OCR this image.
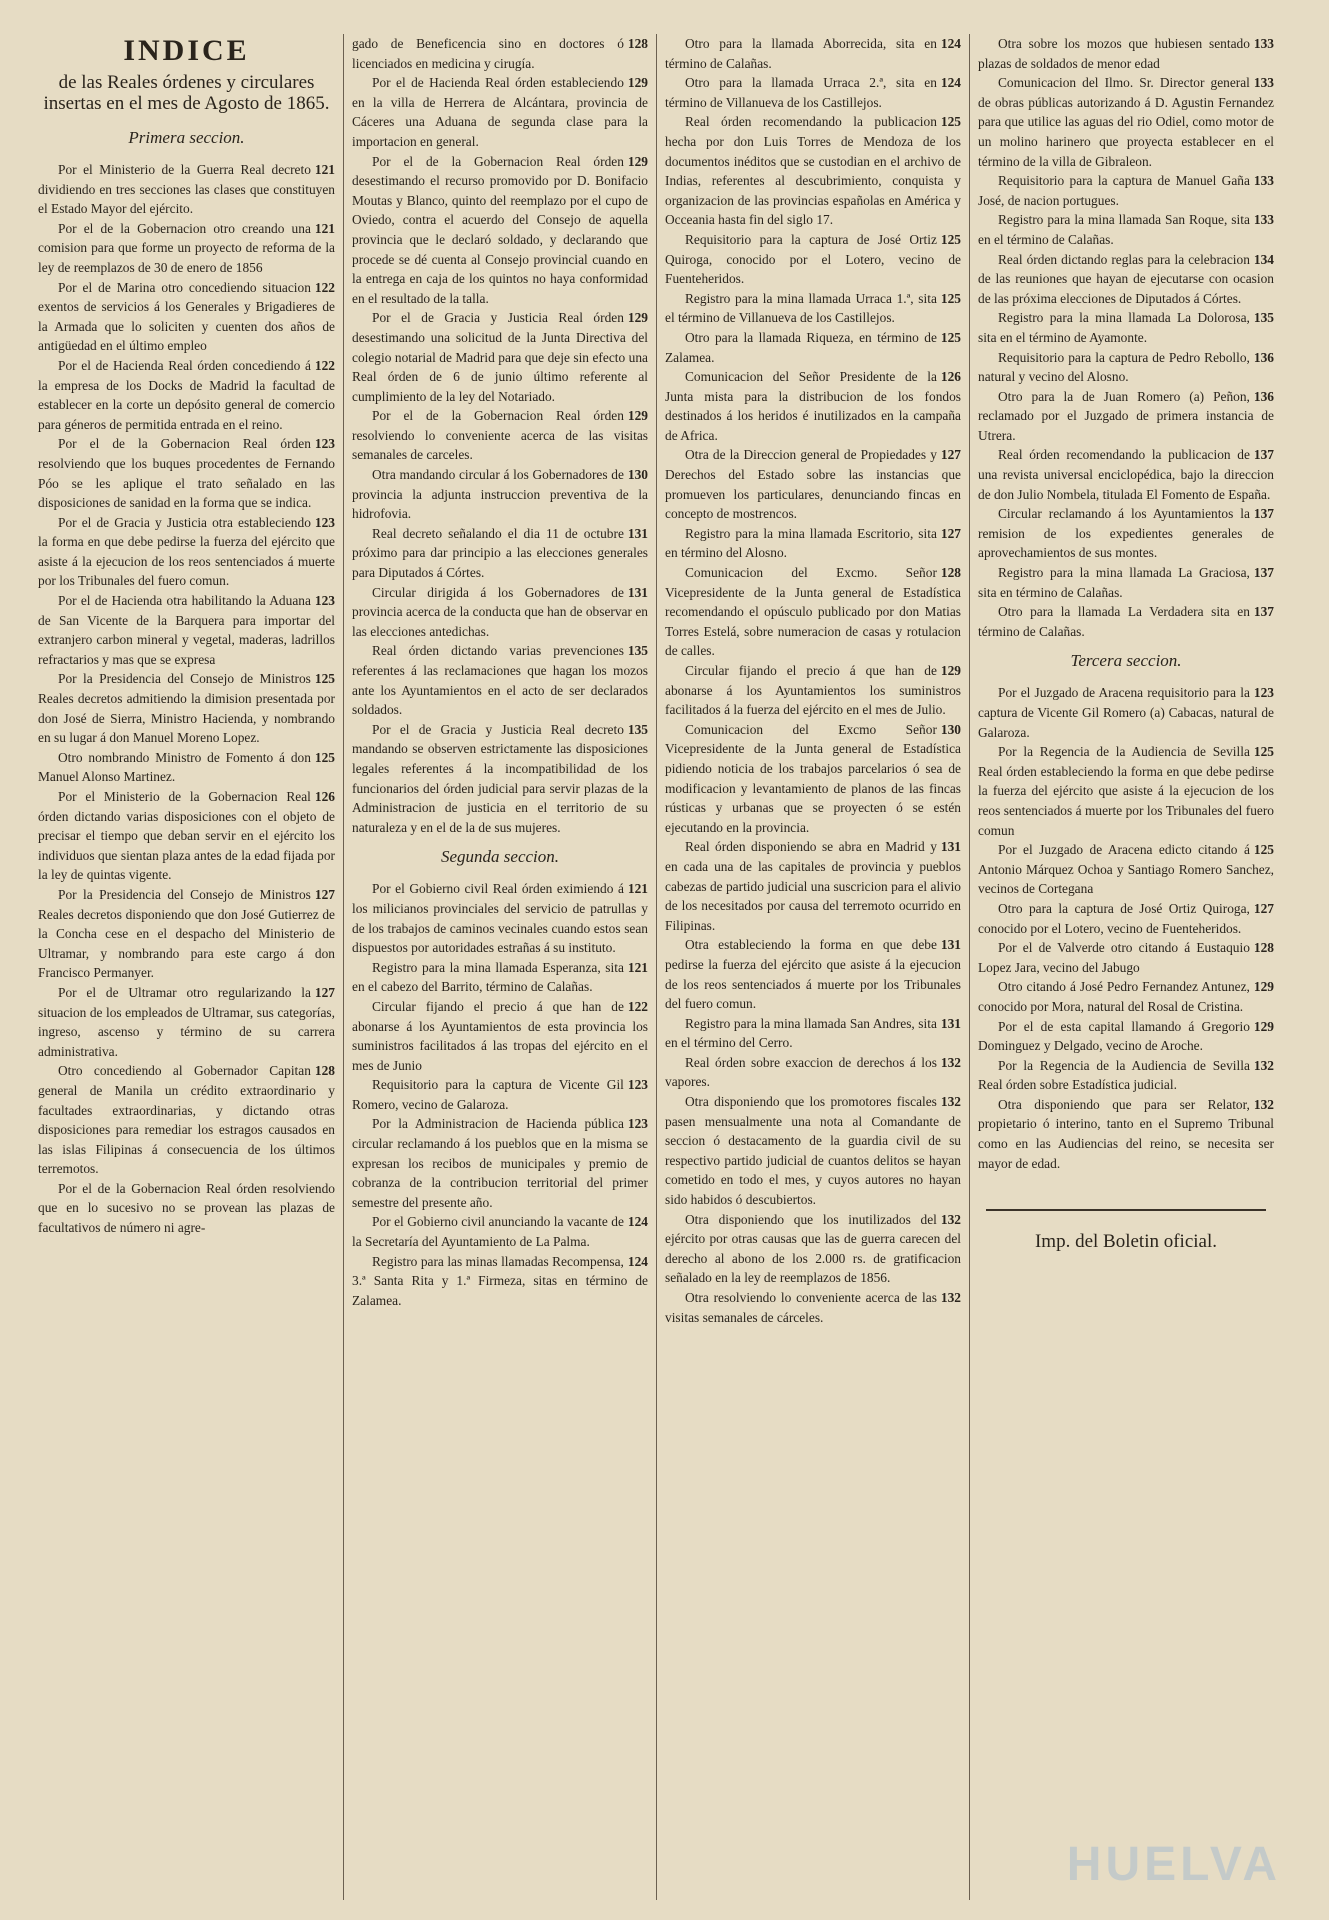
INDICE
de las Reales órdenes y circulares insertas en el mes de Agosto de 1865.
Primera seccion.

121
Por el Ministerio de la Guerra Real decreto dividiendo en tres secciones las clases que constituyen el Estado Mayor del ejército.

121
Por el de la Gobernacion otro creando una comision para que forme un proyecto de reforma de la ley de reemplazos de 30 de enero de 1856

122
Por el de Marina otro concediendo situacion exentos de servicios á los Generales y Brigadieres de la Armada que lo soliciten y cuenten dos años de antigüedad en el último empleo

122
Por el de Hacienda Real órden concediendo á la empresa de los Docks de Madrid la facultad de establecer en la corte un depósito general de comercio para géneros de permitida entrada en el reino.

123
Por el de la Gobernacion Real órden resolviendo que los buques procedentes de Fernando Póo se les aplique el trato señalado en las disposiciones de sanidad en la forma que se indica.

123
Por el de Gracia y Justicia otra estableciendo la forma en que debe pedirse la fuerza del ejército que asiste á la ejecucion de los reos sentenciados á muerte por los Tribunales del fuero comun.

123
Por el de Hacienda otra habilitando la Aduana de San Vicente de la Barquera para importar del extranjero carbon mineral y vegetal, maderas, ladrillos refractarios y mas que se expresa

125
Por la Presidencia del Consejo de Ministros Reales decretos admitiendo la dimision presentada por don José de Sierra, Ministro Hacienda, y nombrando en su lugar á don Manuel Moreno Lopez.

125
Otro nombrando Ministro de Fomento á don Manuel Alonso Martinez.

126
Por el Ministerio de la Gobernacion Real órden dictando varias disposiciones con el objeto de precisar el tiempo que deban servir en el ejército los individuos que sientan plaza antes de la edad fijada por la ley de quintas vigente.

127
Por la Presidencia del Consejo de Ministros Reales decretos disponiendo que don José Gutierrez de la Concha cese en el despacho del Ministerio de Ultramar, y nombrando para este cargo á don Francisco Permanyer.

127
Por el de Ultramar otro regularizando la situacion de los empleados de Ultramar, sus categorías, ingreso, ascenso y término de su carrera administrativa.

128
Otro concediendo al Gobernador Capitan general de Manila un crédito extraordinario y facultades extraordinarias, y dictando otras disposiciones para remediar los estragos causados en las islas Filipinas á consecuencia de los últimos terremotos.

Por el de la Gobernacion Real órden resolviendo que en lo sucesivo no se provean las plazas de facultativos de número ni agre-

128
gado de Beneficencia sino en doctores ó licenciados en medicina y cirugía.

129
Por el de Hacienda Real órden estableciendo en la villa de Herrera de Alcántara, provincia de Cáceres una Aduana de segunda clase para la importacion en general.

129
Por el de la Gobernacion Real órden desestimando el recurso promovido por D. Bonifacio Moutas y Blanco, quinto del reemplazo por el cupo de Oviedo, contra el acuerdo del Consejo de aquella provincia que le declaró soldado, y declarando que procede se dé cuenta al Consejo provincial cuando en la entrega en caja de los quintos no haya conformidad en el resultado de la talla.

129
Por el de Gracia y Justicia Real órden desestimando una solicitud de la Junta Directiva del colegio notarial de Madrid para que deje sin efecto una Real órden de 6 de junio último referente al cumplimiento de la ley del Notariado.

129
Por el de la Gobernacion Real órden resolviendo lo conveniente acerca de las visitas semanales de carceles.

130
Otra mandando circular á los Gobernadores de provincia la adjunta instruccion preventiva de la hidrofovia.

131
Real decreto señalando el dia 11 de octubre próximo para dar principio a las elecciones generales para Diputados á Córtes.

131
Circular dirigida á los Gobernadores de provincia acerca de la conducta que han de observar en las elecciones antedichas.

135
Real órden dictando varias prevenciones referentes á las reclamaciones que hagan los mozos ante los Ayuntamientos en el acto de ser declarados soldados.

135
Por el de Gracia y Justicia Real decreto mandando se observen estrictamente las disposiciones legales referentes á la incompatibilidad de los funcionarios del órden judicial para servir plazas de la Administracion de justicia en el territorio de su naturaleza y en el de la de sus mujeres.

Segunda seccion.

121
Por el Gobierno civil Real órden eximiendo á los milicianos provinciales del servicio de patrullas y de los trabajos de caminos vecinales cuando estos sean dispuestos por autoridades estrañas á su instituto.

121
Registro para la mina llamada Esperanza, sita en el cabezo del Barrito, término de Calañas.

122
Circular fijando el precio á que han de abonarse á los Ayuntamientos de esta provincia los suministros facilitados á las tropas del ejército en el mes de Junio

123
Requisitorio para la captura de Vicente Gil Romero, vecino de Galaroza.

123
Por la Administracion de Hacienda pública circular reclamando á los pueblos que en la misma se expresan los recibos de municipales y premio de cobranza de la contribucion territorial del primer semestre del presente año.

124
Por el Gobierno civil anunciando la vacante de la Secretaría del Ayuntamiento de La Palma.

124
Registro para las minas llamadas Recompensa, 3.ª Santa Rita y 1.ª Firmeza, sitas en término de Zalamea.

124
Otro para la llamada Aborrecida, sita en término de Calañas.

124
Otro para la llamada Urraca 2.ª, sita en término de Villanueva de los Castillejos.

125
Real órden recomendando la publicacion hecha por don Luis Torres de Mendoza de los documentos inéditos que se custodian en el archivo de Indias, referentes al descubrimiento, conquista y organizacion de las provincias españolas en América y Occeania hasta fin del siglo 17.

125
Requisitorio para la captura de José Ortiz Quiroga, conocido por el Lotero, vecino de Fuenteheridos.

125
Registro para la mina llamada Urraca 1.ª, sita el término de Villanueva de los Castillejos.

125
Otro para la llamada Riqueza, en término de Zalamea.

126
Comunicacion del Señor Presidente de la Junta mista para la distribucion de los fondos destinados á los heridos é inutilizados en la campaña de Africa.

127
Otra de la Direccion general de Propiedades y Derechos del Estado sobre las instancias que promueven los particulares, denunciando fincas en concepto de mostrencos.

127
Registro para la mina llamada Escritorio, sita en término del Alosno.

128
Comunicacion del Excmo. Señor Vicepresidente de la Junta general de Estadística recomendando el opúsculo publicado por don Matias Torres Estelá, sobre numeracion de casas y rotulacion de calles.

129
Circular fijando el precio á que han de abonarse á los Ayuntamientos los suministros facilitados á la fuerza del ejército en el mes de Julio.

130
Comunicacion del Excmo Señor Vicepresidente de la Junta general de Estadística pidiendo noticia de los trabajos parcelarios ó sea de modificacion y levantamiento de planos de las fincas rústicas y urbanas que se proyecten ó se estén ejecutando en la provincia.

131
Real órden disponiendo se abra en Madrid y en cada una de las capitales de provincia y pueblos cabezas de partido judicial una suscricion para el alivio de los necesitados por causa del terremoto ocurrido en Filipinas.

131
Otra estableciendo la forma en que debe pedirse la fuerza del ejército que asiste á la ejecucion de los reos sentenciados á muerte por los Tribunales del fuero comun.

131
Registro para la mina llamada San Andres, sita en el término del Cerro.

132
Real órden sobre exaccion de derechos á los vapores.

132
Otra disponiendo que los promotores fiscales pasen mensualmente una nota al Comandante de seccion ó destacamento de la guardia civil de su respectivo partido judicial de cuantos delitos se hayan cometido en todo el mes, y cuyos autores no hayan sido habidos ó descubiertos.

132
Otra disponiendo que los inutilizados del ejército por otras causas que las de guerra carecen del derecho al abono de los 2.000 rs. de gratificacion señalado en la ley de reemplazos de 1856.

132
Otra resolviendo lo conveniente acerca de las visitas semanales de cárceles.

133
Otra sobre los mozos que hubiesen sentado plazas de soldados de menor edad

133
Comunicacion del Ilmo. Sr. Director general de obras públicas autorizando á D. Agustin Fernandez para que utilice las aguas del rio Odiel, como motor de un molino harinero que proyecta establecer en el término de la villa de Gibraleon.

133
Requisitorio para la captura de Manuel Gaña José, de nacion portugues.

133
Registro para la mina llamada San Roque, sita en el término de Calañas.

134
Real órden dictando reglas para la celebracion de las reuniones que hayan de ejecutarse con ocasion de las próxima elecciones de Diputados á Córtes.

135
Registro para la mina llamada La Dolorosa, sita en el término de Ayamonte.

136
Requisitorio para la captura de Pedro Rebollo, natural y vecino del Alosno.

136
Otro para la de Juan Romero (a) Peñon, reclamado por el Juzgado de primera instancia de Utrera.

137
Real órden recomendando la publicacion de una revista universal enciclopédica, bajo la direccion de don Julio Nombela, titulada El Fomento de España.

137
Circular reclamando á los Ayuntamientos la remision de los expedientes generales de aprovechamientos de sus montes.

137
Registro para la mina llamada La Graciosa, sita en término de Calañas.

137
Otro para la llamada La Verdadera sita en término de Calañas.

Tercera seccion.

123
Por el Juzgado de Aracena requisitorio para la captura de Vicente Gil Romero (a) Cabacas, natural de Galaroza.

125
Por la Regencia de la Audiencia de Sevilla Real órden estableciendo la forma en que debe pedirse la fuerza del ejército que asiste á la ejecucion de los reos sentenciados á muerte por los Tribunales del fuero comun

125
Por el Juzgado de Aracena edicto citando á Antonio Márquez Ochoa y Santiago Romero Sanchez, vecinos de Cortegana

127
Otro para la captura de José Ortiz Quiroga, conocido por el Lotero, vecino de Fuenteheridos.

128
Por el de Valverde otro citando á Eustaquio Lopez Jara, vecino del Jabugo

129
Otro citando á José Pedro Fernandez Antunez, conocido por Mora, natural del Rosal de Cristina.

129
Por el de esta capital llamando á Gregorio Dominguez y Delgado, vecino de Aroche.

132
Por la Regencia de la Audiencia de Sevilla Real órden sobre Estadística judicial.

132
Otra disponiendo que para ser Relator, propietario ó interino, tanto en el Supremo Tribunal como en las Audiencias del reino, se necesita ser mayor de edad.

Imp. del Boletin oficial.
HUELVA
